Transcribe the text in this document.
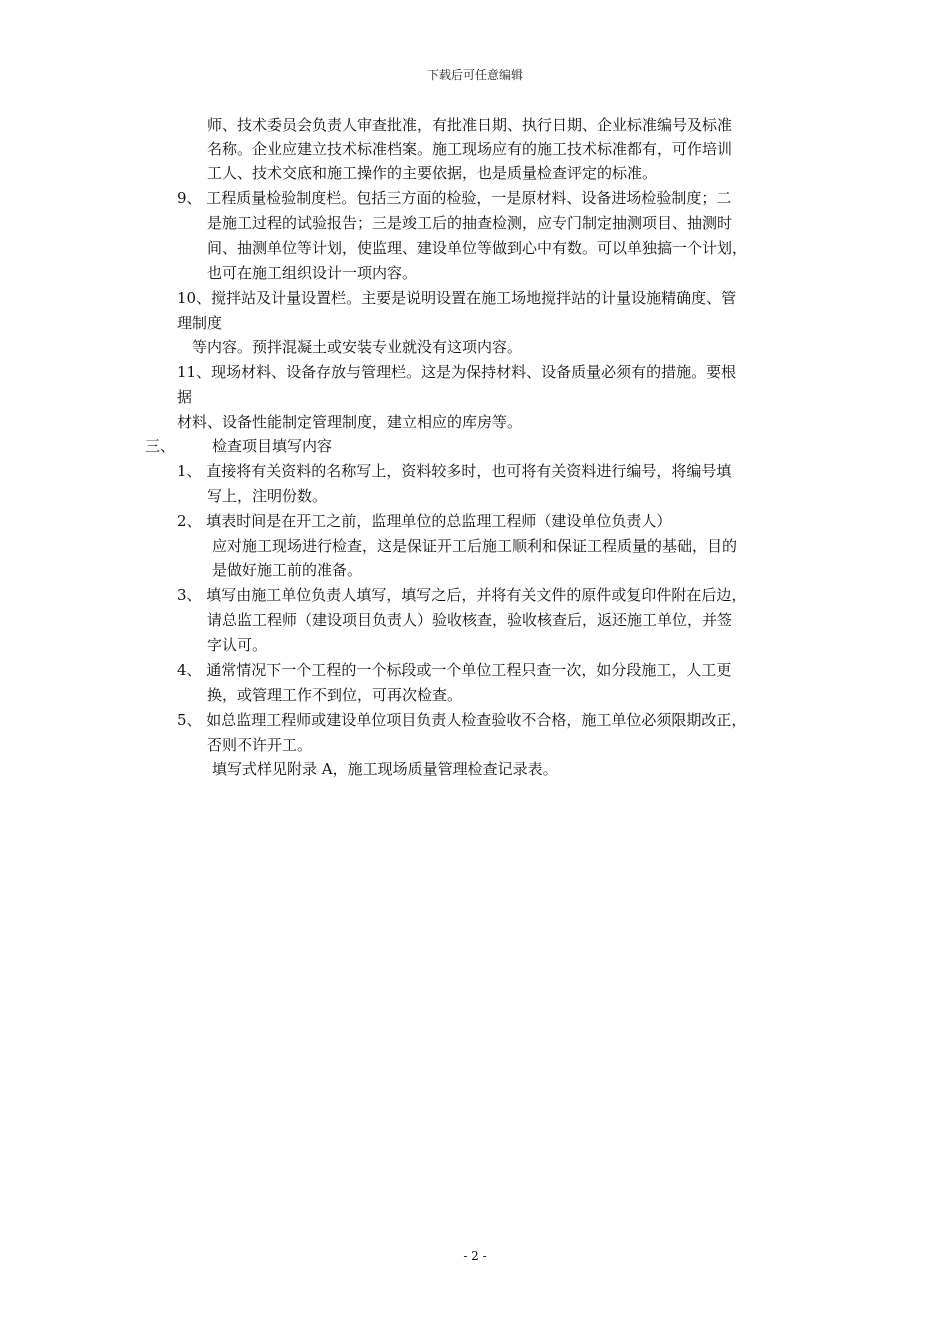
下载后可任意编辑
师、技术委员会负责人审查批准，有批准日期、执行日期、企业标准编号及标准
名称。企业应建立技术标准档案。施工现场应有的施工技术标准都有，可作培训
工人、技术交底和施工操作的主要依据，也是质量检查评定的标准。
9、 工程质量检验制度栏。包括三方面的检验，一是原材料、设备进场检验制度；二
是施工过程的试验报告；三是竣工后的抽查检测，应专门制定抽测项目、抽测时
间、抽测单位等计划，使监理、建设单位等做到心中有数。可以单独搞一个计划，
也可在施工组织设计一项内容。
10、搅拌站及计量设置栏。主要是说明设置在施工场地搅拌站的计量设施精确度、管
理制度
等内容。预拌混凝土或安装专业就没有这项内容。
11、现场材料、设备存放与管理栏。这是为保持材料、设备质量必须有的措施。要根
据
材料、设备性能制定管理制度，建立相应的库房等。
三、 检查项目填写内容
1、 直接将有关资料的名称写上，资料较多时，也可将有关资料进行编号，将编号填
写上，注明份数。
2、 填表时间是在开工之前，监理单位的总监理工程师（建设单位负责人）
应对施工现场进行检查，这是保证开工后施工顺利和保证工程质量的基础，目的
是做好施工前的准备。
3、 填写由施工单位负责人填写，填写之后，并将有关文件的原件或复印件附在后边，
请总监工程师（建设项目负责人）验收核查，验收核查后，返还施工单位，并签
字认可。
4、 通常情况下一个工程的一个标段或一个单位工程只查一次，如分段施工，人工更
换，或管理工作不到位，可再次检查。
5、 如总监理工程师或建设单位项目负责人检查验收不合格，施工单位必须限期改正，
否则不许开工。
填写式样见附录 A，施工现场质量管理检查记录表。
- 2 -
